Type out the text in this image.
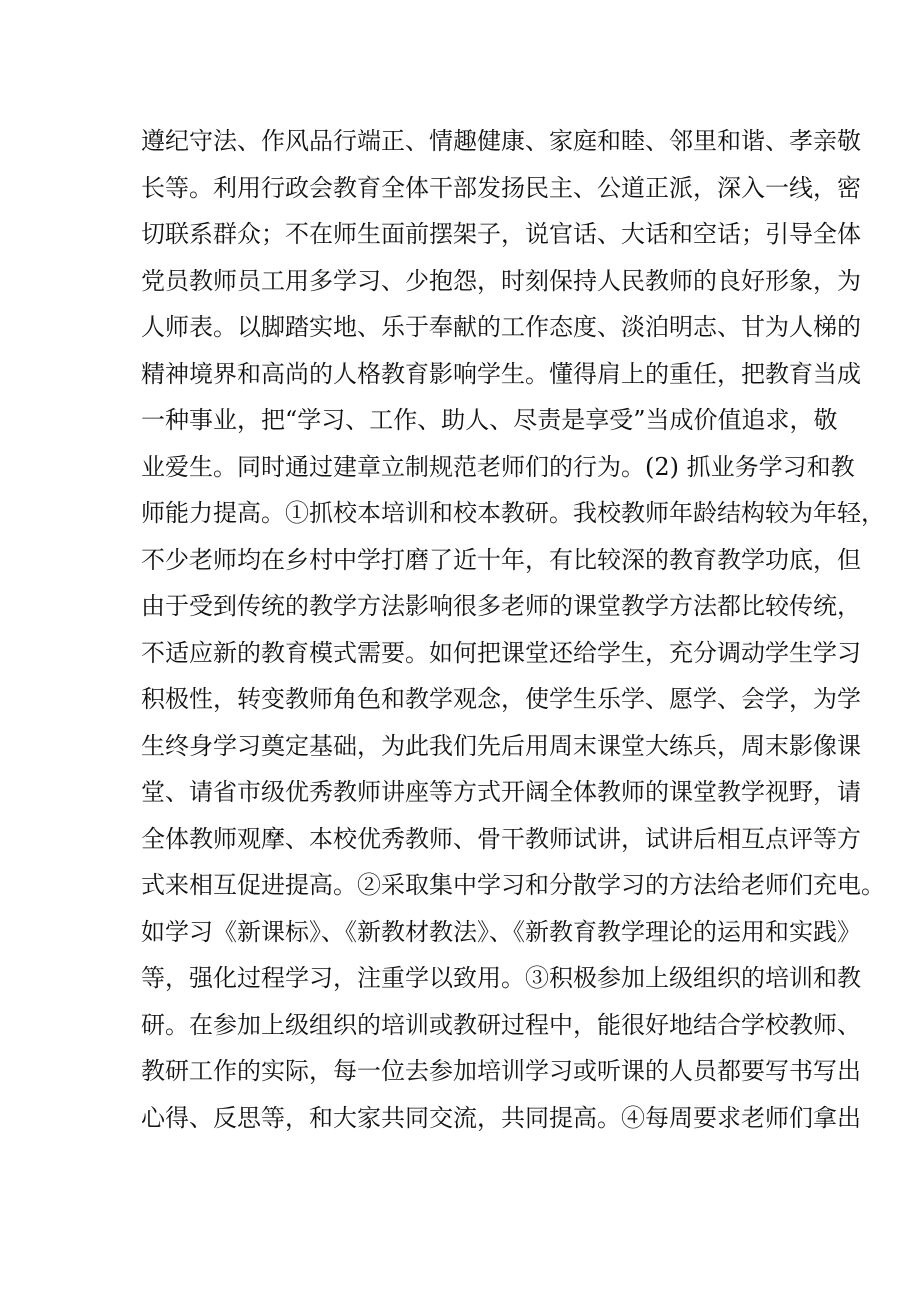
遵纪守法、作风品行端正、情趣健康、家庭和睦、邻里和谐、孝亲敬
长等。利用行政会教育全体干部发扬民主、公道正派，深入一线，密
切联系群众；不在师生面前摆架子，说官话、大话和空话；引导全体
党员教师员工用多学习、少抱怨，时刻保持人民教师的良好形象，为
人师表。以脚踏实地、乐于奉献的工作态度、淡泊明志、甘为人梯的
精神境界和高尚的人格教育影响学生。懂得肩上的重任，把教育当成
一种事业，把“学习、工作、助人、尽责是享受”当成价值追求，敬
业爱生。同时通过建章立制规范老师们的行为。(2) 抓业务学习和教
师能力提高。①抓校本培训和校本教研。我校教师年龄结构较为年轻，
不少老师均在乡村中学打磨了近十年，有比较深的教育教学功底，但
由于受到传统的教学方法影响很多老师的课堂教学方法都比较传统，
不适应新的教育模式需要。如何把课堂还给学生，充分调动学生学习
积极性，转变教师角色和教学观念，使学生乐学、愿学、会学，为学
生终身学习奠定基础，为此我们先后用周末课堂大练兵，周末影像课
堂、请省市级优秀教师讲座等方式开阔全体教师的课堂教学视野，请
全体教师观摩、本校优秀教师、骨干教师试讲，试讲后相互点评等方
式来相互促进提高。②采取集中学习和分散学习的方法给老师们充电。
如学习《新课标》、《新教材教法》、《新教育教学理论的运用和实践》
等，强化过程学习，注重学以致用。③积极参加上级组织的培训和教
研。在参加上级组织的培训或教研过程中，能很好地结合学校教师、
教研工作的实际，每一位去参加培训学习或听课的人员都要写书写出
心得、反思等，和大家共同交流，共同提高。④每周要求老师们拿出
